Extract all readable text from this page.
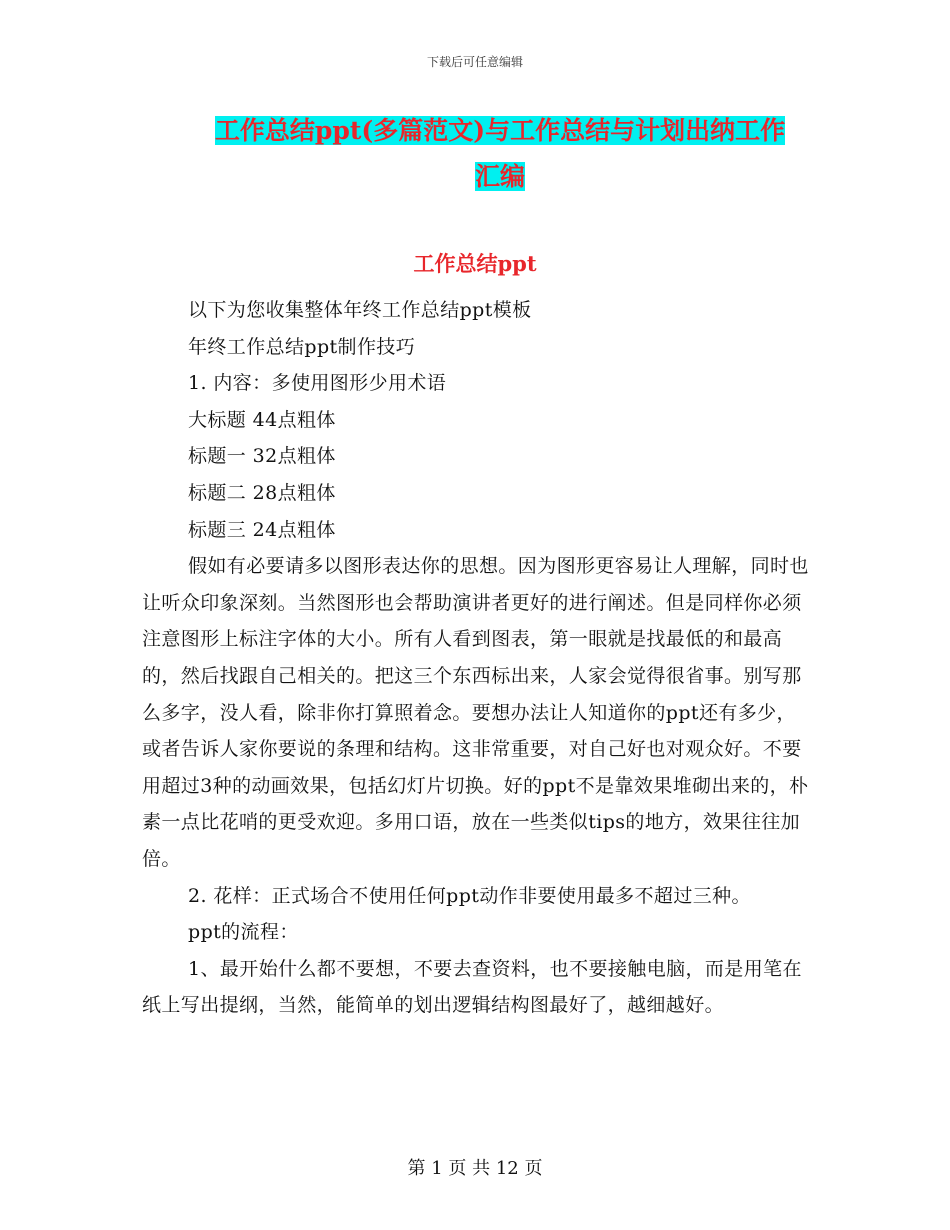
下载后可任意编辑
工作总结ppt(多篇范文)与工作总结与计划出纳工作
汇编
工作总结ppt

以下为您收集整体年终工作总结ppt模板

年终工作总结ppt制作技巧

1. 内容：多使用图形少用术语

大标题 44点粗体

标题一 32点粗体

标题二 28点粗体

标题三 24点粗体

假如有必要请多以图形表达你的思想。因为图形更容易让人理解，同时也让听众印象深刻。当然图形也会帮助演讲者更好的进行阐述。但是同样你必须注意图形上标注字体的大小。所有人看到图表，第一眼就是找最低的和最高的，然后找跟自己相关的。把这三个东西标出来，人家会觉得很省事。别写那么多字，没人看，除非你打算照着念。要想办法让人知道你的ppt还有多少，或者告诉人家你要说的条理和结构。这非常重要，对自己好也对观众好。不要用超过3种的动画效果，包括幻灯片切换。好的ppt不是靠效果堆砌出来的，朴素一点比花哨的更受欢迎。多用口语，放在一些类似tips的地方，效果往往加倍。

2. 花样：正式场合不使用任何ppt动作非要使用最多不超过三种。

ppt的流程：

1、最开始什么都不要想，不要去查资料，也不要接触电脑，而是用笔在纸上写出提纲，当然，能简单的划出逻辑结构图最好了，越细越好。

第 1 页 共 12 页
